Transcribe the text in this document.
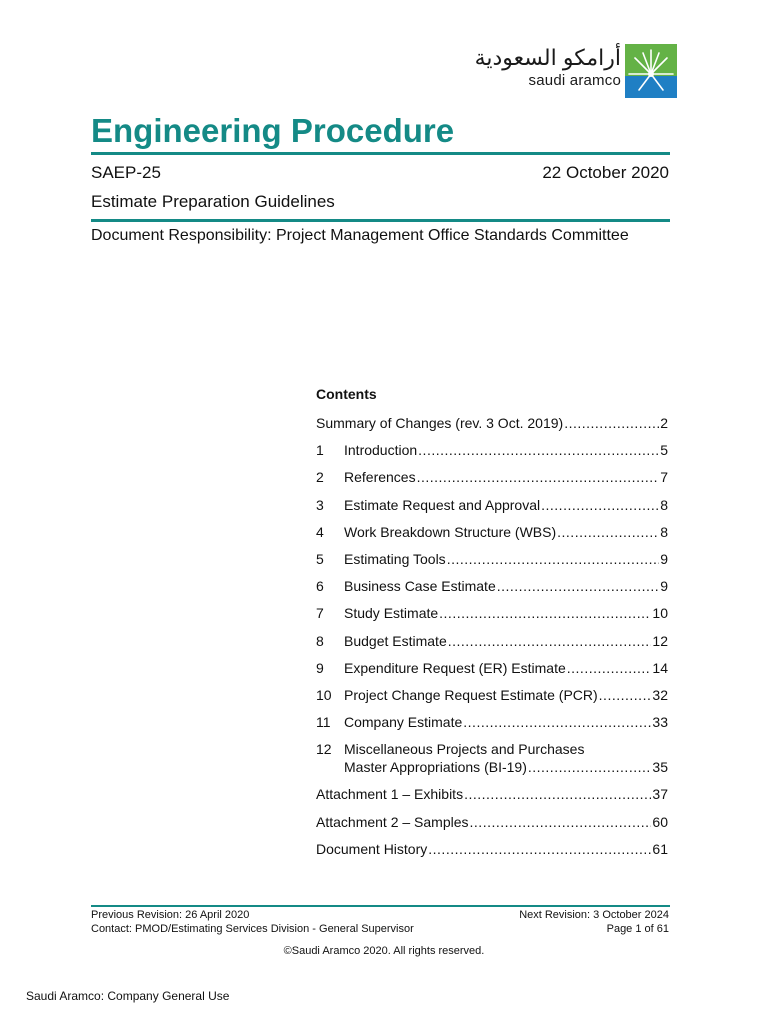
أرامكو السعودية
saudi aramco
Engineering Procedure
SAEP-25	22 October 2020
Estimate Preparation Guidelines
Document Responsibility: Project Management Office Standards Committee
Contents
Summary of Changes (rev. 3 Oct. 2019) .....	2
1	Introduction .....	5
2	References .....	7
3	Estimate Request and Approval .....	8
4	Work Breakdown Structure (WBS) .....	8
5	Estimating Tools .....	9
6	Business Case Estimate .....	9
7	Study Estimate .....	10
8	Budget Estimate .....	12
9	Expenditure Request (ER) Estimate .....	14
10 Project Change Request Estimate (PCR) .....	32
11 Company Estimate .....	33
12 Miscellaneous Projects and Purchases
Master Appropriations (BI-19) .....	35
Attachment 1 – Exhibits .....	37
Attachment 2 – Samples .....	60
Document History .....	61
Previous Revision: 26 April 2020	Next Revision: 3 October 2024
Contact: PMOD/Estimating Services Division - General Supervisor	Page 1 of 61
©Saudi Aramco 2020. All rights reserved.
Saudi Aramco: Company General Use
